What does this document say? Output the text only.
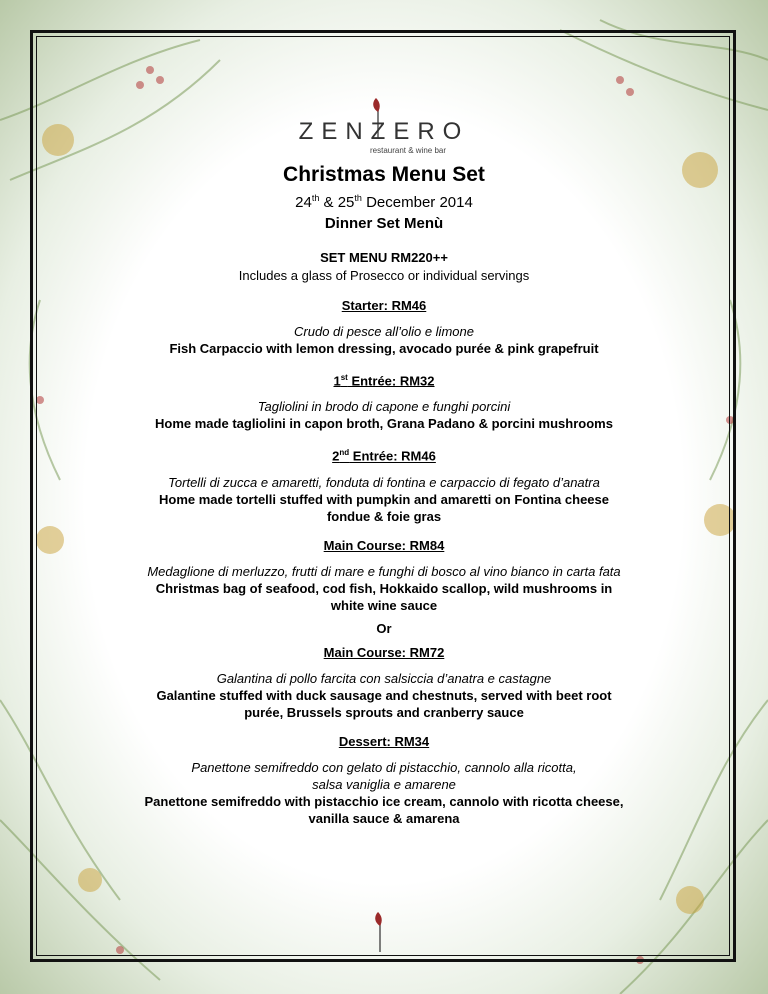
ZENZERO
restaurant & wine bar
Christmas Menu Set
24th & 25th December 2014
Dinner Set Menù
SET MENU RM220++
Includes a glass of Prosecco or individual servings
Starter: RM46
Crudo di pesce all’olio e limone
Fish Carpaccio with lemon dressing, avocado purée & pink grapefruit
1st Entrée: RM32
Tagliolini in brodo di capone e funghi porcini
Home made tagliolini in capon broth, Grana Padano & porcini mushrooms
2nd Entrée: RM46
Tortelli di zucca e amaretti, fonduta di fontina e carpaccio di fegato d’anatra
Home made tortelli stuffed with pumpkin and amaretti on Fontina cheese
fondue & foie gras
Main Course: RM84
Medaglione di merluzzo, frutti di mare e funghi di bosco al vino bianco in carta fata
Christmas bag of seafood, cod fish, Hokkaido scallop, wild mushrooms in
white wine sauce
Or
Main Course: RM72
Galantina di pollo farcita con salsiccia d’anatra e castagne
Galantine stuffed with duck sausage and chestnuts, served with beet root
purée, Brussels sprouts and cranberry sauce
Dessert: RM34
Panettone semifreddo con gelato di pistacchio, cannolo alla ricotta,
salsa vaniglia e amarene
Panettone semifreddo with pistacchio ice cream, cannolo with ricotta cheese,
vanilla sauce & amarena
